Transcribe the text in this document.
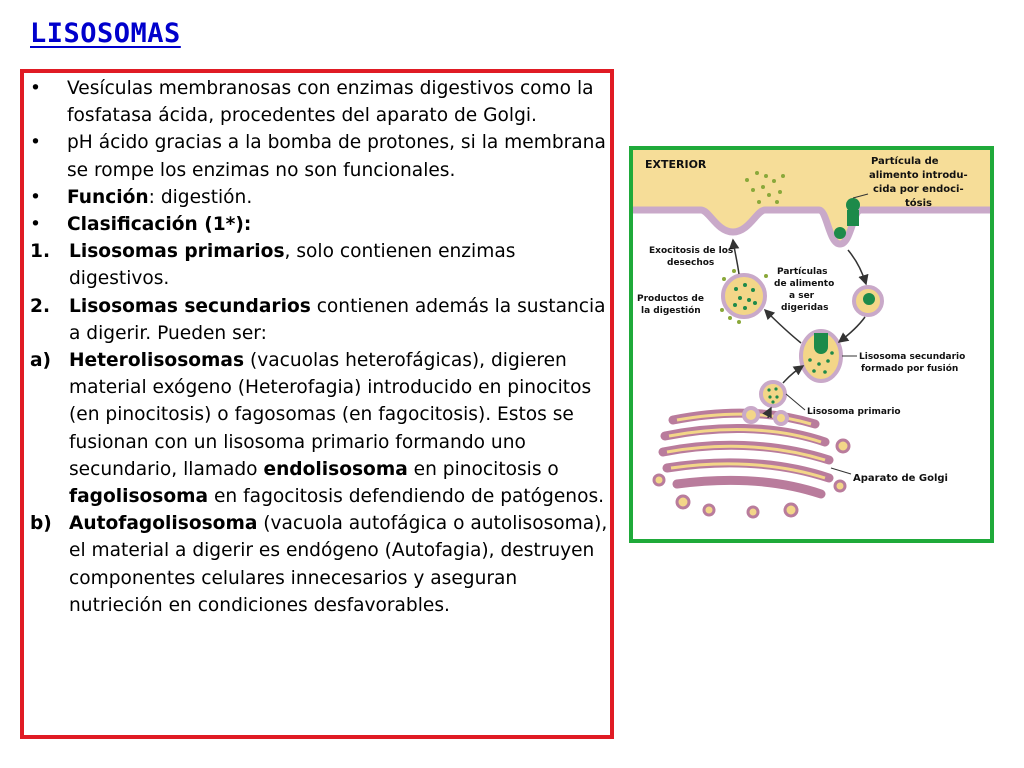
LISOSOMAS
•	Vesículas membranosas con enzimas digestivos como la fosfatasa ácida, procedentes del aparato de Golgi.
•	pH ácido gracias a la bomba de protones, si la membrana se rompe los enzimas no son funcionales.
•	Función: digestión.
•	Clasificación (1*):
1.	Lisosomas primarios, solo contienen enzimas digestivos.
2.	Lisosomas secundarios contienen además la sustancia a digerir. Pueden ser:
a) Heterolisosomas (vacuolas heterofágicas), digieren material exógeno (Heterofagia) introducido en pinocitos (en pinocitosis) o fagosomas (en fagocitosis). Estos se fusionan con un lisosoma primario formando uno secundario, llamado endolisosoma en pinocitosis o fagolisosoma en fagocitosis defendiendo de patógenos.
b) Autofagolisosoma (vacuola autofágica o autolisosoma), el material a digerir es endógeno (Autofagia), destruyen componentes celulares innecesarios y aseguran nutrieción en condiciones desfavorables.
EXTERIOR	Partícula de alimento introdu- cida por endoci- tósis
Exocitosis de los desechos
Productos de la digestión
Partículas de alimento a ser digeridas
Lisosoma secundario formado por fusión
Lisosoma primario
Aparato de Golgi
